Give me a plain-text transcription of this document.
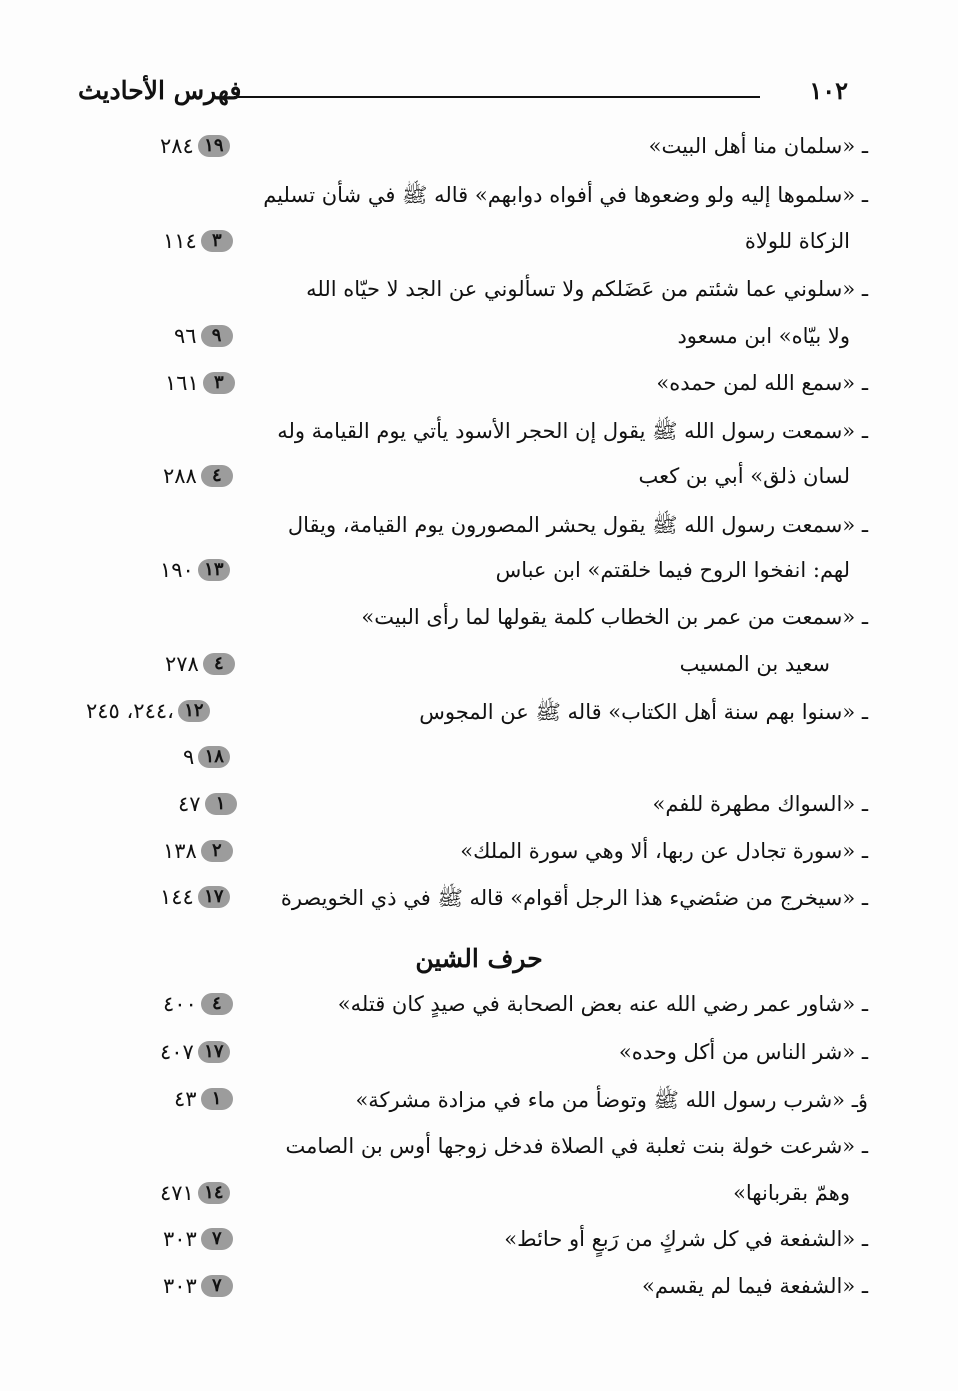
فهرس الأحاديث	١٠٢
ـ «سلمان منا أهل البيت»
ـ «سلموها إليه ولو وضعوها في أفواه دوابهم» قاله ﷺ في شأن تسليم
الزكاة للولاة
ـ «سلوني عما شئتم من عَضَلكم ولا تسألوني عن الجد لا حيّاه الله
ولا بيّاه» ابن مسعود
ـ «سمع الله لمن حمده»
ـ «سمعت رسول الله ﷺ يقول إن الحجر الأسود يأتي يوم القيامة وله
لسان ذلق» أبي بن كعب
ـ «سمعت رسول الله ﷺ يقول يحشر المصورون يوم القيامة، ويقال
لهم: انفخوا الروح فيما خلقتم» ابن عباس
ـ «سمعت من عمر بن الخطاب كلمة يقولها لما رأى البيت»
سعيد بن المسيب
ـ «سنوا بهم سنة أهل الكتاب» قاله ﷺ عن المجوس
ـ «السواك مطهرة للفم»
ـ «سورة تجادل عن ربها، ألا وهي سورة الملك»
ـ «سيخرج من ضئضيء هذا الرجل أقوام» قاله ﷺ في ذي الخويصرة
حرف الشين
ـ «شاور عمر رضي الله عنه بعض الصحابة في صيدٍ كان قتله»
ـ «شر الناس من أكل وحده»
ؤـ «شرب رسول الله ﷺ وتوضأ من ماء في مزادة مشركة»
ـ «شرعت خولة بنت ثعلبة في الصلاة فدخل زوجها أوس بن الصامت
وهمّ بقربانها»
ـ «الشفعة في كل شركٍ من رَبعٍ أو حائط»
ـ «الشفعة فيما لم يقسم»
٢٨٤ ١٩
١١٤ ٣
٩٦ ٩
١٦١ ٣
٢٨٨ ٤
١٩٠ ١٣
٢٧٨ ٤
٢٤٤، ٢٤٥، ١٢
٩ ١٨
٤٧ ١
١٣٨ ٢
١٤٤ ١٧
٤٠٠ ٤
٤٠٧ ١٧
٤٣ ١
٤٧١ ١٤
٣٠٣ ٧
٣٠٣ ٧
